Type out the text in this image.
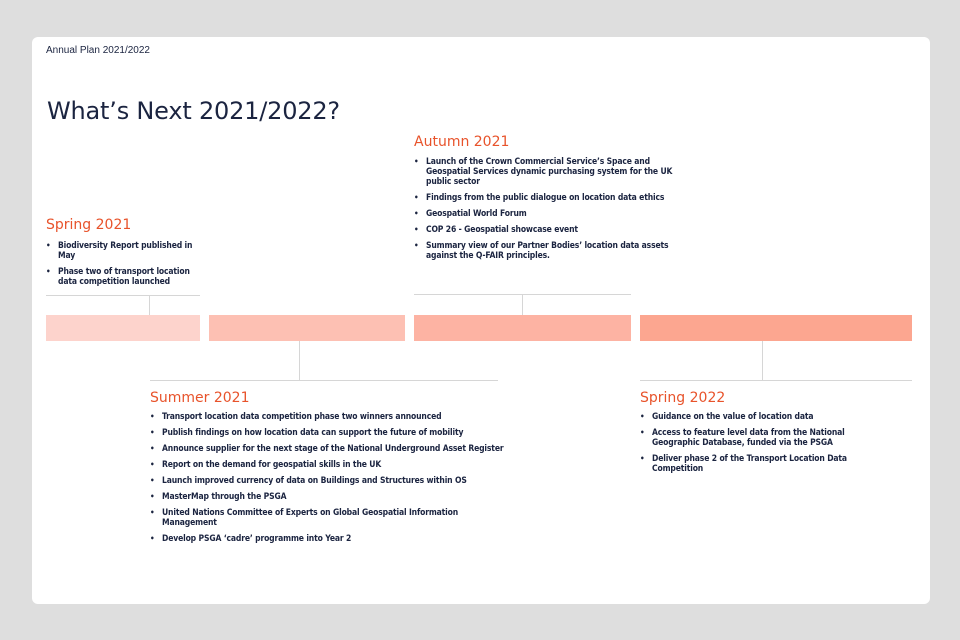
Annual Plan 2021/2022
What’s Next 2021/2022?
Spring 2021
• Biodiversity Report published in May
• Phase two of transport location data competition launched
Autumn 2021
• Launch of the Crown Commercial Service’s Space and Geospatial Services dynamic purchasing system for the UK public sector
• Findings from the public dialogue on location data ethics
• Geospatial World Forum
• COP 26 - Geospatial showcase event
• Summary view of our Partner Bodies’ location data assets against the Q-FAIR principles.
Summer 2021
• Transport location data competition phase two winners announced
• Publish findings on how location data can support the future of mobility
• Announce supplier for the next stage of the National Underground Asset Register
• Report on the demand for geospatial skills in the UK
• Launch improved currency of data on Buildings and Structures within OS
• MasterMap through the PSGA
• United Nations Committee of Experts on Global Geospatial Information Management
• Develop PSGA ‘cadre’ programme into Year 2
Spring 2022
• Guidance on the value of location data
• Access to feature level data from the National Geographic Database, funded via the PSGA
• Deliver phase 2 of the Transport Location Data Competition
